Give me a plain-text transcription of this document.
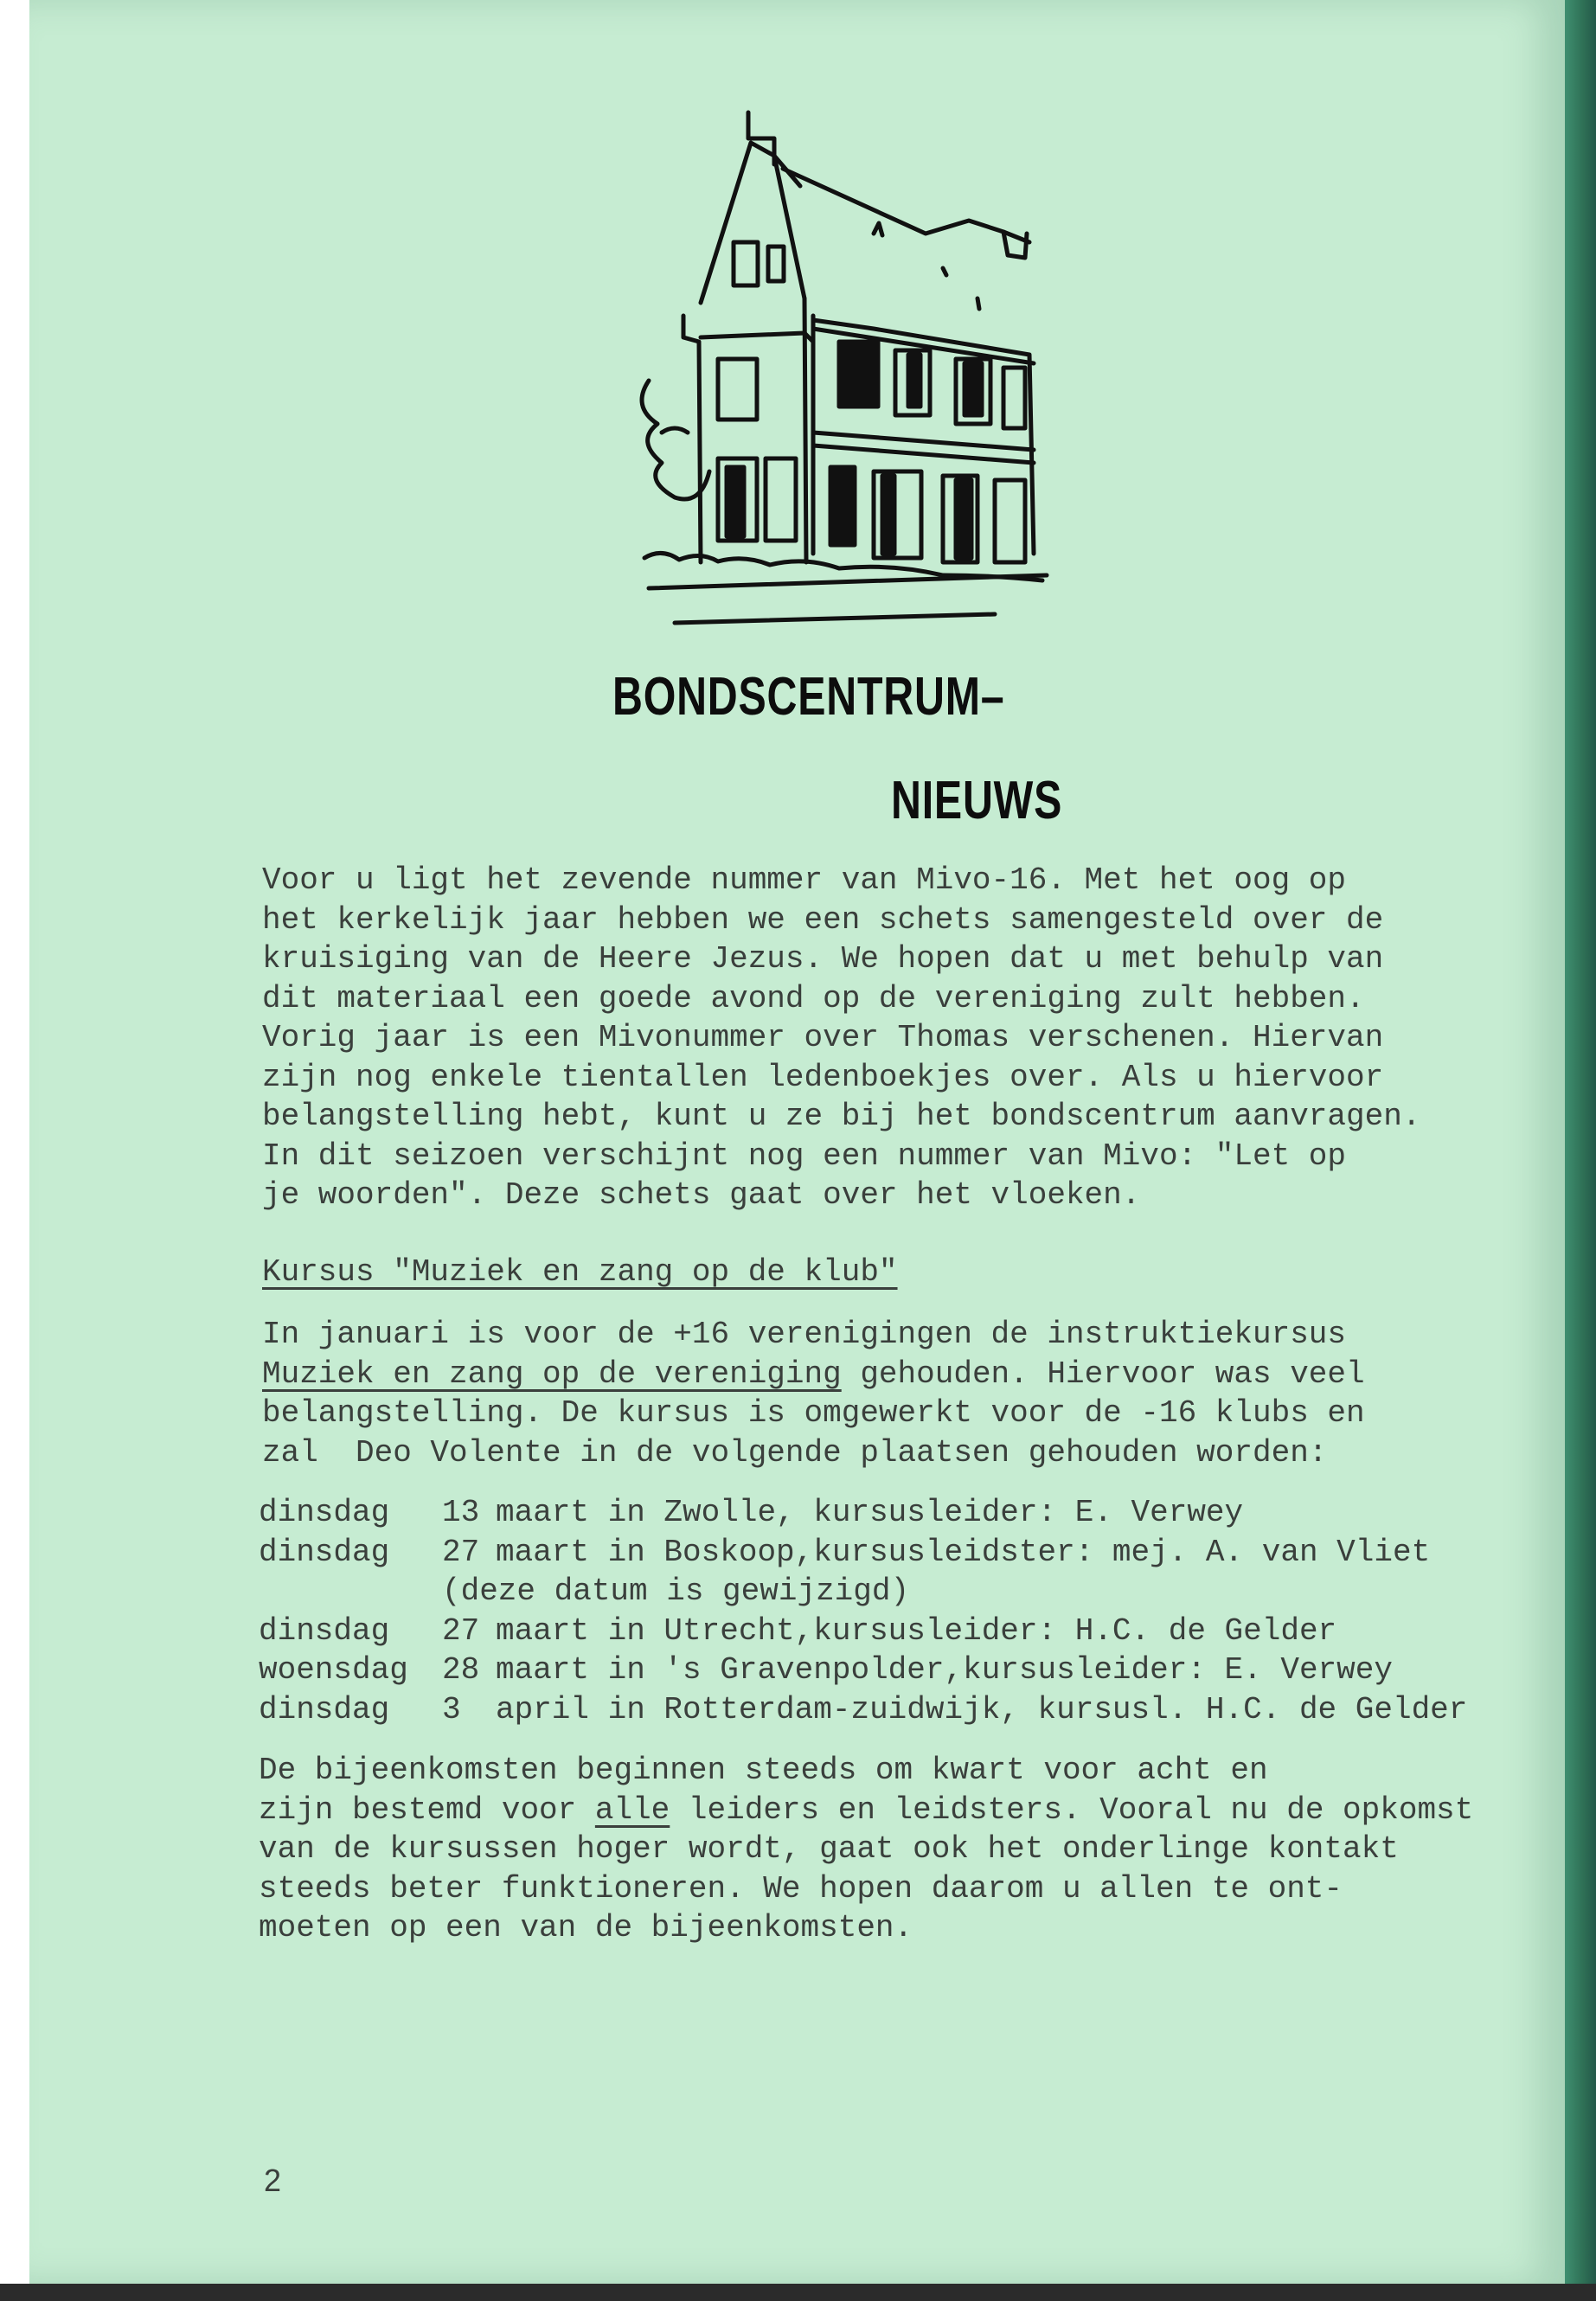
BONDSCENTRUM–
NIEUWS
Voor u ligt het zevende nummer van Mivo-16. Met het oog op
het kerkelijk jaar hebben we een schets samengesteld over de
kruisiging van de Heere Jezus. We hopen dat u met behulp van
dit materiaal een goede avond op de vereniging zult hebben.
Vorig jaar is een Mivonummer over Thomas verschenen. Hiervan
zijn nog enkele tientallen ledenboekjes over. Als u hiervoor
belangstelling hebt, kunt u ze bij het bondscentrum aanvragen.
In dit seizoen verschijnt nog een nummer van Mivo: "Let op
je woorden". Deze schets gaat over het vloeken.
Kursus "Muziek en zang op de klub"
In januari is voor de +16 verenigingen de instruktiekursus
Muziek en zang op de vereniging gehouden. Hiervoor was veel
belangstelling. De kursus is omgewerkt voor de -16 klubs en
zal  Deo Volente in de volgende plaatsen gehouden worden:
dinsdag	13 maart in Zwolle, kursusleider: E. Verwey
dinsdag	27 maart in Boskoop,kursusleidster: mej. A. van Vliet
(deze datum is gewijzigd)
dinsdag	27 maart in Utrecht,kursusleider: H.C. de Gelder
woensdag	28 maart in 's Gravenpolder,kursusleider: E. Verwey
dinsdag	3	april in Rotterdam-zuidwijk, kursusl. H.C. de Gelder
De bijeenkomsten beginnen steeds om kwart voor acht en
zijn bestemd voor alle leiders en leidsters. Vooral nu de opkomst
van de kursussen hoger wordt, gaat ook het onderlinge kontakt
steeds beter funktioneren. We hopen daarom u allen te ont-
moeten op een van de bijeenkomsten.
2
